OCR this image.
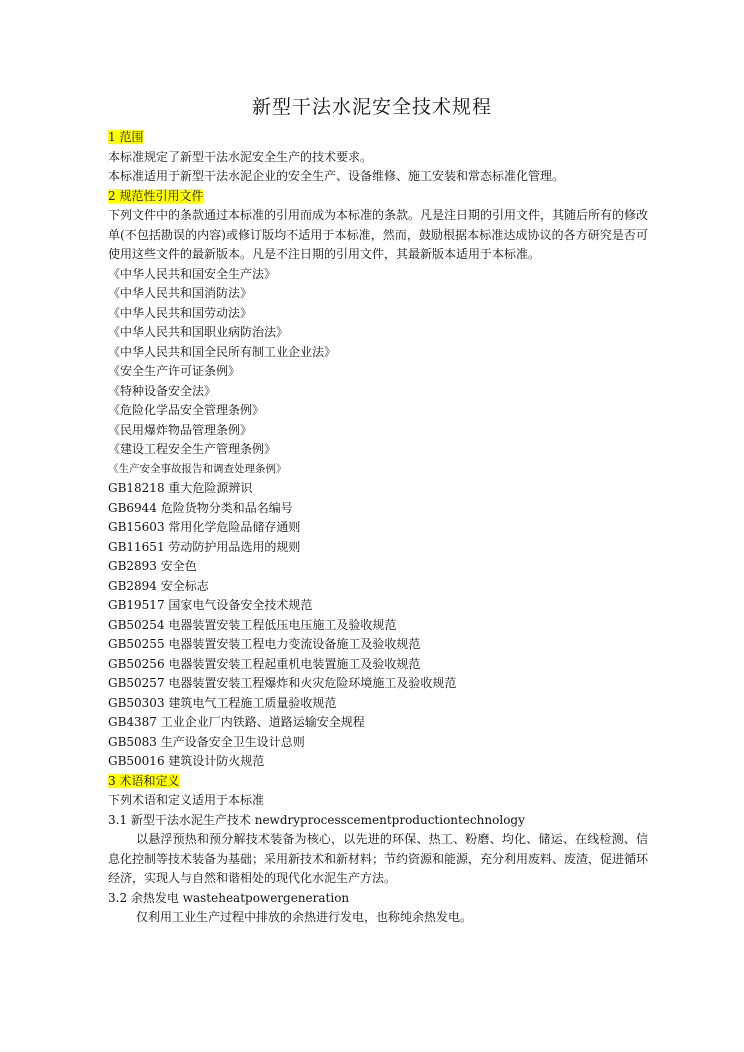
新型干法水泥安全技术规程
1 范围
本标准规定了新型干法水泥安全生产的技术要求。
本标准适用于新型干法水泥企业的安全生产、设备维修、施工安装和常态标准化管理。
2 规范性引用文件
下列文件中的条款通过本标准的引用而成为本标准的条款。凡是注日期的引用文件，其随后所有的修改单(不包括勘误的内容)或修订版均不适用于本标准，然而，鼓励根据本标准达成协议的各方研究是否可使用这些文件的最新版本。凡是不注日期的引用文件，其最新版本适用于本标准。
《中华人民共和国安全生产法》
《中华人民共和国消防法》
《中华人民共和国劳动法》
《中华人民共和国职业病防治法》
《中华人民共和国全民所有制工业企业法》
《安全生产许可证条例》
《特种设备安全法》
《危险化学品安全管理条例》
《民用爆炸物品管理条例》
《建设工程安全生产管理条例》
《生产安全事故报告和调查处理条例》
GB18218 重大危险源辨识
GB6944 危险货物分类和品名编号
GB15603 常用化学危险品储存通则
GB11651 劳动防护用品选用的规则
GB2893 安全色
GB2894 安全标志
GB19517 国家电气设备安全技术规范
GB50254 电器装置安装工程低压电压施工及验收规范
GB50255 电器装置安装工程电力变流设备施工及验收规范
GB50256 电器装置安装工程起重机电装置施工及验收规范
GB50257 电器装置安装工程爆炸和火灾危险环境施工及验收规范
GB50303 建筑电气工程施工质量验收规范
GB4387 工业企业厂内铁路、道路运输安全规程
GB5083 生产设备安全卫生设计总则
GB50016 建筑设计防火规范
3 术语和定义
下列术语和定义适用于本标准
3.1 新型干法水泥生产技术 newdryprocesscementproductiontechnology
以悬浮预热和预分解技术装备为核心，以先进的环保、热工、粉磨、均化、储运、在线检测、信息化控制等技术装备为基础；采用新技术和新材料；节约资源和能源，充分利用废料、废渣，促进循环经济，实现人与自然和谐相处的现代化水泥生产方法。
3.2 余热发电 wasteheatpowergeneration
仅利用工业生产过程中排放的余热进行发电，也称纯余热发电。
